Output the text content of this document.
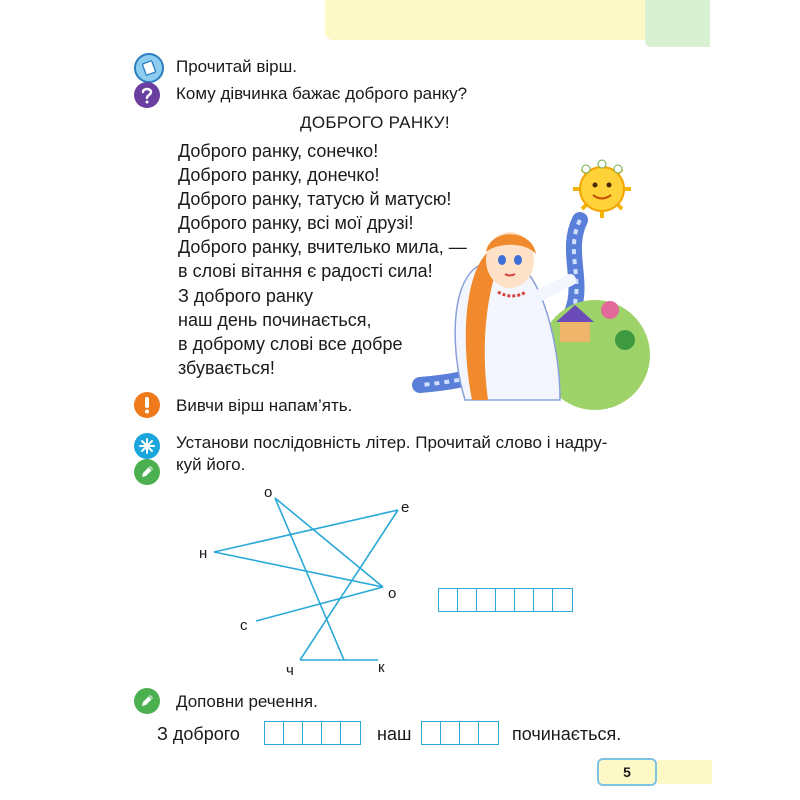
Прочитай вірш.
Кому дівчинка бажає доброго ранку?
ДОБРОГО РАНКУ!
Доброго ранку, сонечко!
Доброго ранку, донечко!
Доброго ранку, татусю й матусю!
Доброго ранку, всі мої друзі!
Доброго ранку, вчителько мила, —
в слові вітання є радості сила!
З доброго ранку
наш день починається,
в доброму слові все добре
збувається!
Вивчи вірш напам’ять.
Установи послідовність літер. Прочитай слово і надру-
куй його.
о
е
н
о
с
ч	к
Доповни речення.
З доброго	наш	починається.
5
